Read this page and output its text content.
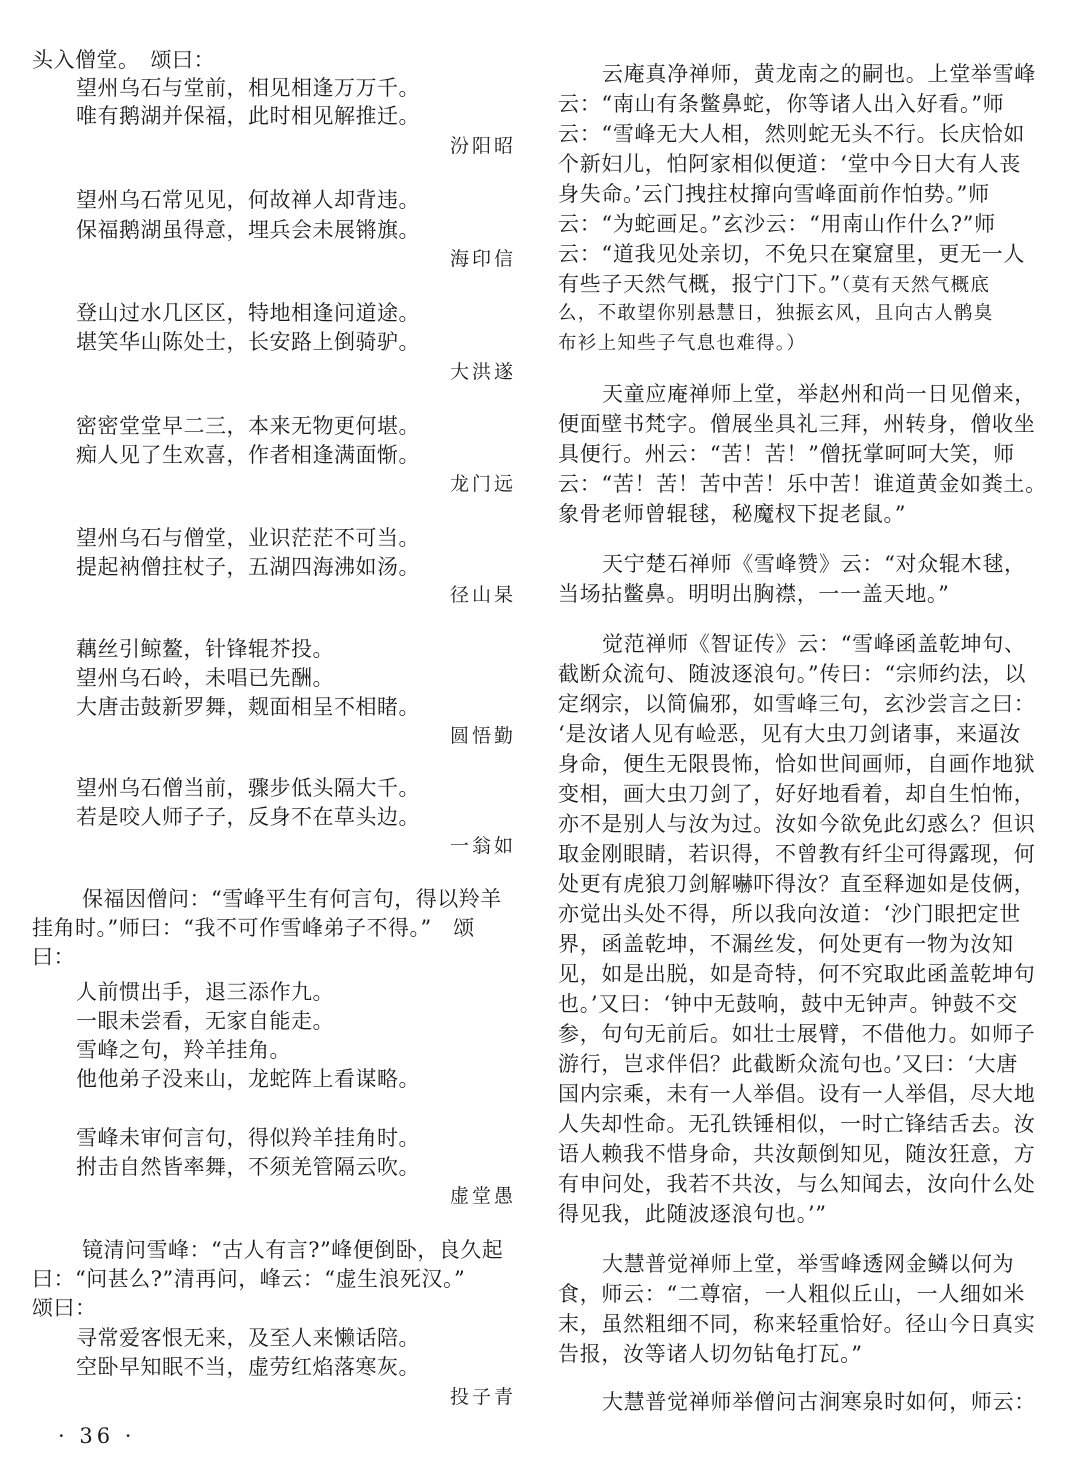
头入僧堂。　颂曰：
望州乌石与堂前，相见相逢万万千。
唯有鹅湖并保福，此时相见解推迁。
汾阳昭
望州乌石常见见，何故禅人却背违。
保福鹅湖虽得意，埋兵会未展锵旗。
海印信
登山过水几区区，特地相逢问道途。
堪笑华山陈处士，长安路上倒骑驴。
大洪遂
密密堂堂早二三，本来无物更何堪。
痴人见了生欢喜，作者相逢满面惭。
龙门远
望州乌石与僧堂，业识茫茫不可当。
提起衲僧拄杖子，五湖四海沸如汤。
径山杲
藕丝引鲸鳌，针锋辊芥投。
望州乌石岭，未唱已先酬。
大唐击鼓新罗舞，觌面相呈不相睹。
圆悟勤
望州乌石僧当前，骤步低头隔大千。
若是咬人师子子，反身不在草头边。
一翁如
保福因僧问：“雪峰平生有何言句，得以羚羊
挂角时。”师曰：“我不可作雪峰弟子不得。”　颂
曰：
人前惯出手，退三添作九。
一眼未尝看，无家自能走。
雪峰之句，羚羊挂角。
他他弟子没来山，龙蛇阵上看谋略。
雪峰未审何言句，得似羚羊挂角时。
拊击自然皆率舞，不须羌管隔云吹。
虚堂愚
镜清问雪峰：“古人有言?”峰便倒卧，良久起
曰：“问甚么?”清再问，峰云：“虚生浪死汉。”
颂曰：
寻常爱客恨无来，及至人来懒话陪。
空卧早知眠不当，虚劳红焰落寒灰。
投子青
云庵真净禅师，黄龙南之的嗣也。上堂举雪峰
云：“南山有条鳖鼻蛇，你等诸人出入好看。”师
云：“雪峰无大人相，然则蛇无头不行。长庆恰如
个新妇儿，怕阿家相似便道：‘堂中今日大有人丧
身失命。’云门拽拄杖撺向雪峰面前作怕势。”师
云：“为蛇画足。”玄沙云：“用南山作什么?”师
云：“道我见处亲切，不免只在窠窟里，更无一人
有些子天然气概，报宁门下。”（莫有天然气概底
么，不敢望你别悬慧日，独振玄风，且向古人鹘臭
布衫上知些子气息也难得。）
天童应庵禅师上堂，举赵州和尚一日见僧来，
便面壁书梵字。僧展坐具礼三拜，州转身，僧收坐
具便行。州云：“苦！苦！”僧抚掌呵呵大笑，师
云：“苦！苦！苦中苦！乐中苦！谁道黄金如粪土。
象骨老师曾辊毬，秘魔杈下捉老鼠。”
天宁楚石禅师《雪峰赞》云：“对众辊木毬，
当场拈鳖鼻。明明出胸襟，一一盖天地。”
觉范禅师《智证传》云：“雪峰函盖乾坤句、
截断众流句、随波逐浪句。”传曰：“宗师约法，以
定纲宗，以简偏邪，如雪峰三句，玄沙尝言之曰：
‘是汝诸人见有崄恶，见有大虫刀剑诸事，来逼汝
身命，便生无限畏怖，恰如世间画师，自画作地狱
变相，画大虫刀剑了，好好地看着，却自生怕怖，
亦不是别人与汝为过。汝如今欲免此幻惑么？但识
取金刚眼睛，若识得，不曾教有纤尘可得露现，何
处更有虎狼刀剑解嚇吓得汝？直至释迦如是伎俩，
亦觉出头处不得，所以我向汝道：‘沙门眼把定世
界，函盖乾坤，不漏丝发，何处更有一物为汝知
见，如是出脱，如是奇特，何不究取此函盖乾坤句
也。’又曰：‘钟中无鼓响，鼓中无钟声。钟鼓不交
参，句句无前后。如壮士展臂，不借他力。如师子
游行，岂求伴侣？此截断众流句也。’又曰：‘大唐
国内宗乘，未有一人举倡。设有一人举倡，尽大地
人失却性命。无孔铁锤相似，一时亡锋结舌去。汝
语人赖我不惜身命，共汝颠倒知见，随汝狂意，方
有申问处，我若不共汝，与么知闻去，汝向什么处
得见我，此随波逐浪句也。’”
大慧普觉禅师上堂，举雪峰透网金鳞以何为
食，师云：“二尊宿，一人粗似丘山，一人细如米
末，虽然粗细不同，称来轻重恰好。径山今日真实
告报，汝等诸人切勿钻龟打瓦。”
大慧普觉禅师举僧问古涧寒泉时如何，师云：
· 36 ·
